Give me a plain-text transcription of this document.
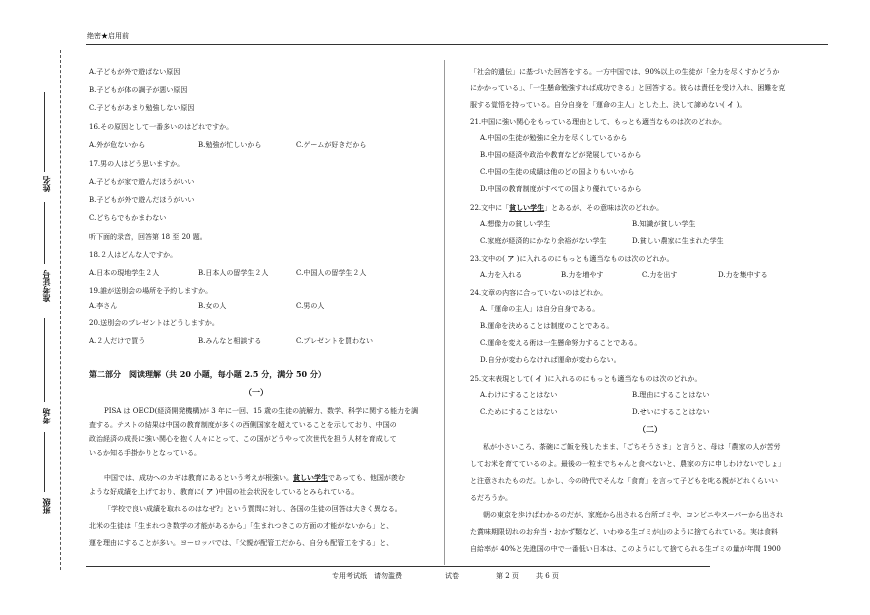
绝密★启用前
姓名
准考证号
考场
班级
A.子どもが外で遊ばない原因
B.子どもが体の調子が悪い原因
C.子どもがあまり勉強しない原因
16.その原因として一番多いのはどれですか。
A.外が危ないから	B.勉強が忙しいから	C.ゲームが好きだから
17.男の人はどう思いますか。
A.子どもが家で遊んだほうがいい
B.子どもが外で遊んだほうがいい
C.どちらでもかまわない
听下面的录音，回答第 18 至 20 题。
18.２人はどんな人ですか。
A.日本の現地学生２人	B.日本人の留学生２人	C.中国人の留学生２人
19.誰が送別会の場所を予約しますか。
A.李さん	B.女の人	C.男の人
20.送別会のプレゼントはどうしますか。
A.２人だけで買う	B.みんなと相談する	C.プレゼントを買わない
第二部分　阅读理解（共 20 小题，每小题 2.5 分，满分 50 分）
（一）
PISA は OECD(経済開発機構)が 3 年に一回、15 歳の生徒の読解力、数学、科学に関する能力を調
査する。テストの結果は中国の教育制度が多くの西側国家を超えていることを示しており、中国の
政治経済の成長に強い関心を抱く人々にとって、この国がどうやって次世代を担う人材を育成して
いるか知る手掛かりとなっている。
中国では、成功へのカギは教育にあるという考えが根強い。貧しい学生であっても、他国が羨む
ような好成績を上げており、教育に( ア )中国の社会状況をしているとみられている。
「学校で良い成績を取れるのはなぜ?」という質問に対し、各国の生徒の回答は大きく異なる。
北米の生徒は「生まれつき数学の才能があるから」「生まれつきこの方面の才能がないから」と、
運を理由にすることが多い。ヨーロッパでは、「父親が配管工だから、自分も配管工をする」と、
「社会的遺伝」に基づいた回答をする。一方中国では、90%以上の生徒が「全力を尽くすかどうか
にかかっている」、「一生懸命勉強すれば成功できる」と回答する。彼らは責任を受け入れ、困難を克
服する覚悟を持っている。自分自身を「運命の主人」とした上、決して諦めない( イ )。
21.中国に強い関心をもっている理由として、もっとも適当なものは次のどれか。
A.中国の生徒が勉強に全力を尽くしているから
B.中国の経済や政治や教育などが発展しているから
C.中国の生徒の成績は他のどの国よりもいいから
D.中国の教育制度がすべての国より優れているから
22.文中に「貧しい学生」とあるが、その意味は次のどれか。
A.想像力の貧しい学生	B.知識が貧しい学生
C.家庭が経済的にかなり余裕がない学生	D.貧しい農家に生まれた学生
23.文中の( ア )に入れるのにもっとも適当なものは次のどれか。
A.力を入れる	B.力を増やす	C.力を出す	D.力を集中する
24.文章の内容に合っていないのはどれか。
A.「運命の主人」は自分自身である。
B.運命を決めることは制度のことである。
C.運命を変える術は一生懸命努力することである。
D.自分が変わらなければ運命が変わらない。
25.文末表現として( イ )に入れるのにもっとも適当なものは次のどれか。
A.わけにすることはない	B.理由にすることはない
C.ためにすることはない	D.せいにすることはない
（二）
私が小さいころ、茶碗にご飯を残したまま、「ごちそうさま」と言うと、母は「農家の人が苦労
してお米を育てているのよ。最後の一粒までちゃんと食べないと、農家の方に申しわけないでしょ」
と注意されたものだ。しかし、今の時代でそんな「食育」を言って子どもを叱る親がどれくらいい
るだろうか。
朝の東京を歩けばわかるのだが、家庭から出される台所ゴミや、コンビニやスーパーから出され
た賞味期限切れのお弁当・おかず類など、いわゆる生ゴミが山のように捨てられている。実は食料
自給率が 40%と先進国の中で一番低い日本は、このようにして捨てられる生ゴミの量が年間 1900
专用考试纸　请勿滥费	试卷	第 2 页 共 6 页
